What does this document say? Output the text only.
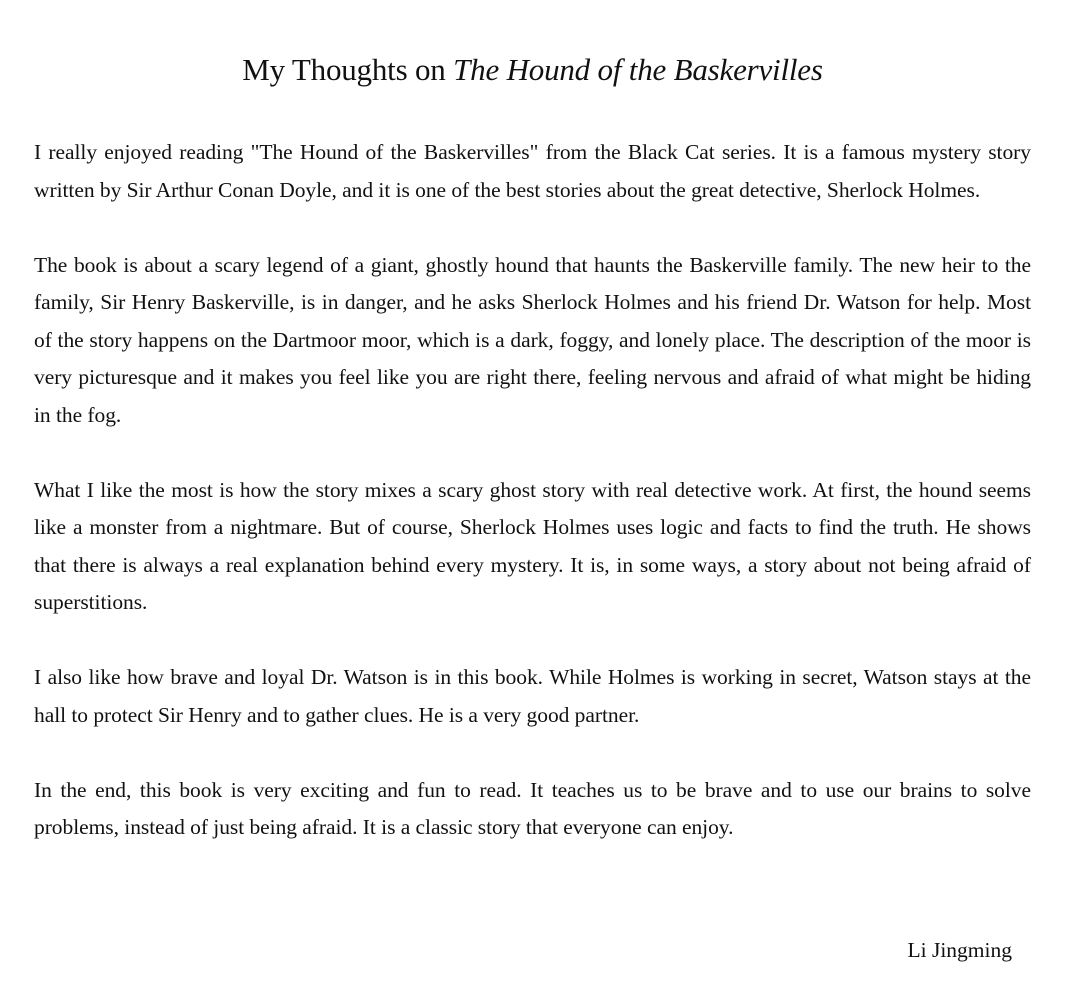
My Thoughts on The Hound of the Baskervilles

I really enjoyed reading "The Hound of the Baskervilles" from the Black Cat series. It is a famous mystery story written by Sir Arthur Conan Doyle, and it is one of the best stories about the great detective, Sherlock Holmes.

The book is about a scary legend of a giant, ghostly hound that haunts the Baskerville family. The new heir to the family, Sir Henry Baskerville, is in danger, and he asks Sherlock Holmes and his friend Dr. Watson for help. Most of the story happens on the Dartmoor moor, which is a dark, foggy, and lonely place. The description of the moor is very picturesque and it makes you feel like you are right there, feeling nervous and afraid of what might be hiding in the fog.

What I like the most is how the story mixes a scary ghost story with real detective work. At first, the hound seems like a monster from a nightmare. But of course, Sherlock Holmes uses logic and facts to find the truth. He shows that there is always a real explanation behind every mystery. It is, in some ways, a story about not being afraid of superstitions.

I also like how brave and loyal Dr. Watson is in this book. While Holmes is working in secret, Watson stays at the hall to protect Sir Henry and to gather clues. He is a very good partner.

In the end, this book is very exciting and fun to read. It teaches us to be brave and to use our brains to solve problems, instead of just being afraid. It is a classic story that everyone can enjoy.

Li Jingming
